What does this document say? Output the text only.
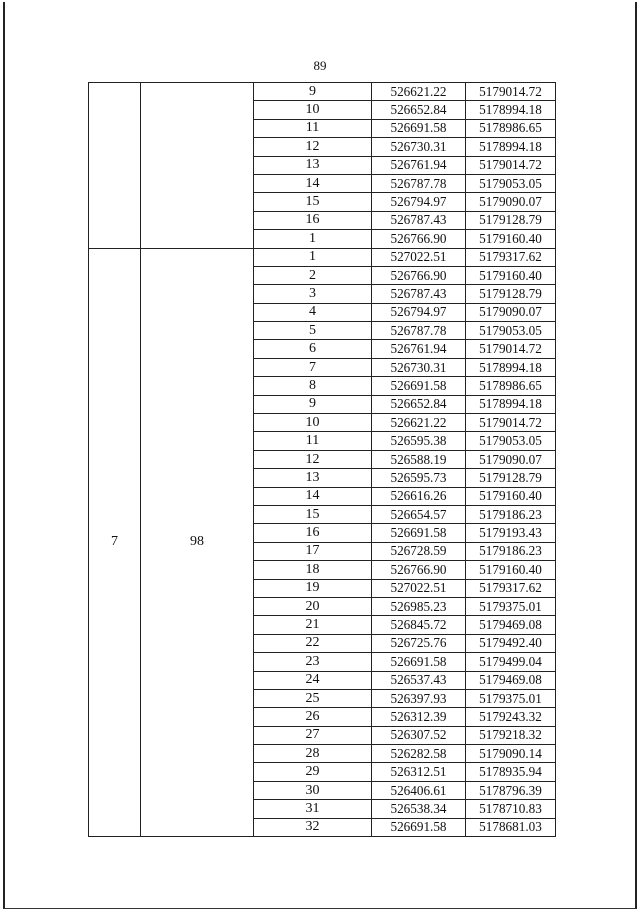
89
		9	526621.22	5179014.72
		10	526652.84	5178994.18
		11	526691.58	5178986.65
		12	526730.31	5178994.18
		13	526761.94	5179014.72
		14	526787.78	5179053.05
		15	526794.97	5179090.07
		16	526787.43	5179128.79
		1	526766.90	5179160.40
7	98	1	527022.51	5179317.62
		2	526766.90	5179160.40
		3	526787.43	5179128.79
		4	526794.97	5179090.07
		5	526787.78	5179053.05
		6	526761.94	5179014.72
		7	526730.31	5178994.18
		8	526691.58	5178986.65
		9	526652.84	5178994.18
		10	526621.22	5179014.72
		11	526595.38	5179053.05
		12	526588.19	5179090.07
		13	526595.73	5179128.79
		14	526616.26	5179160.40
		15	526654.57	5179186.23
		16	526691.58	5179193.43
		17	526728.59	5179186.23
		18	526766.90	5179160.40
		19	527022.51	5179317.62
		20	526985.23	5179375.01
		21	526845.72	5179469.08
		22	526725.76	5179492.40
		23	526691.58	5179499.04
		24	526537.43	5179469.08
		25	526397.93	5179375.01
		26	526312.39	5179243.32
		27	526307.52	5179218.32
		28	526282.58	5179090.14
		29	526312.51	5178935.94
		30	526406.61	5178796.39
		31	526538.34	5178710.83
		32	526691.58	5178681.03
